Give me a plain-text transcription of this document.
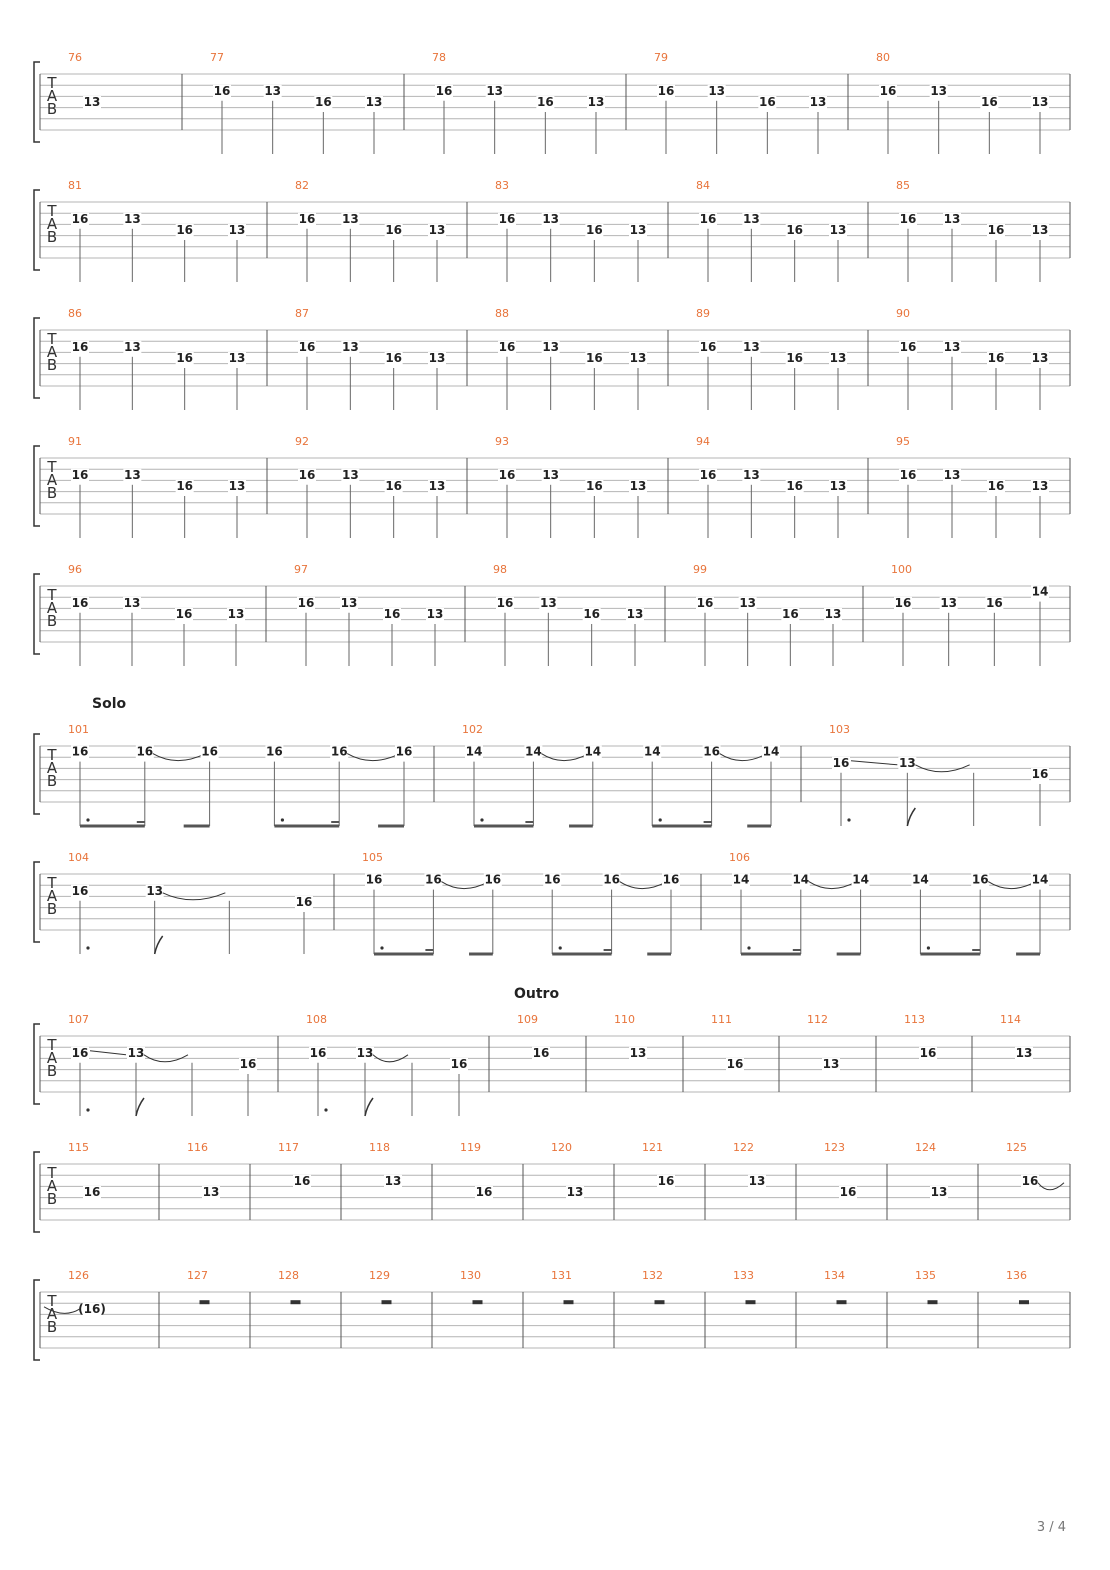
T
A
B
76
13
77
16	13
16	13
78
16	13
16	13
79
16	13
16	13
80
16	13
16	13
T
A
B
81
16	13
16	13
82
16 13
16 13
83
16 13
16 13
84
16 13
16 13
85
16 13
16 13
T
A
B
86
16	13
16	13
87
16 13
16 13
88
16 13
16 13
89
16 13
16 13
90
16 13
16 13
T
A
B
91
16	13
16	13
92
16 13
16 13
93
16 13
16 13
94
16 13
16 13
95
16 13
16 13
T
A
B
96
16	13
16	13
97
16 13
16 13
98
16 13
16 13
99
16 13
16 13
100
16 13 16
14
Solo
T
A
B
101
16	16	16	16	16	16
102
14	14	14	14	16	14
103
16	13
16
T
A
B
104
16	13
16
105
16	16	16	16	16	16
106
14	14	14	14	16	14
Outro
T
A
B
107
16	13
16
108
16	13
16
109
16
110
13
111
16
112
13
113
16
114
13
T
A
B
115
16
116
13
117
16
118
13
119
16
120
13
121
16
122
13
123
16
124
13
125
16
T
A
B
126
(16)
127	128	129	130	131	132	133	134	135	136
3 / 4
